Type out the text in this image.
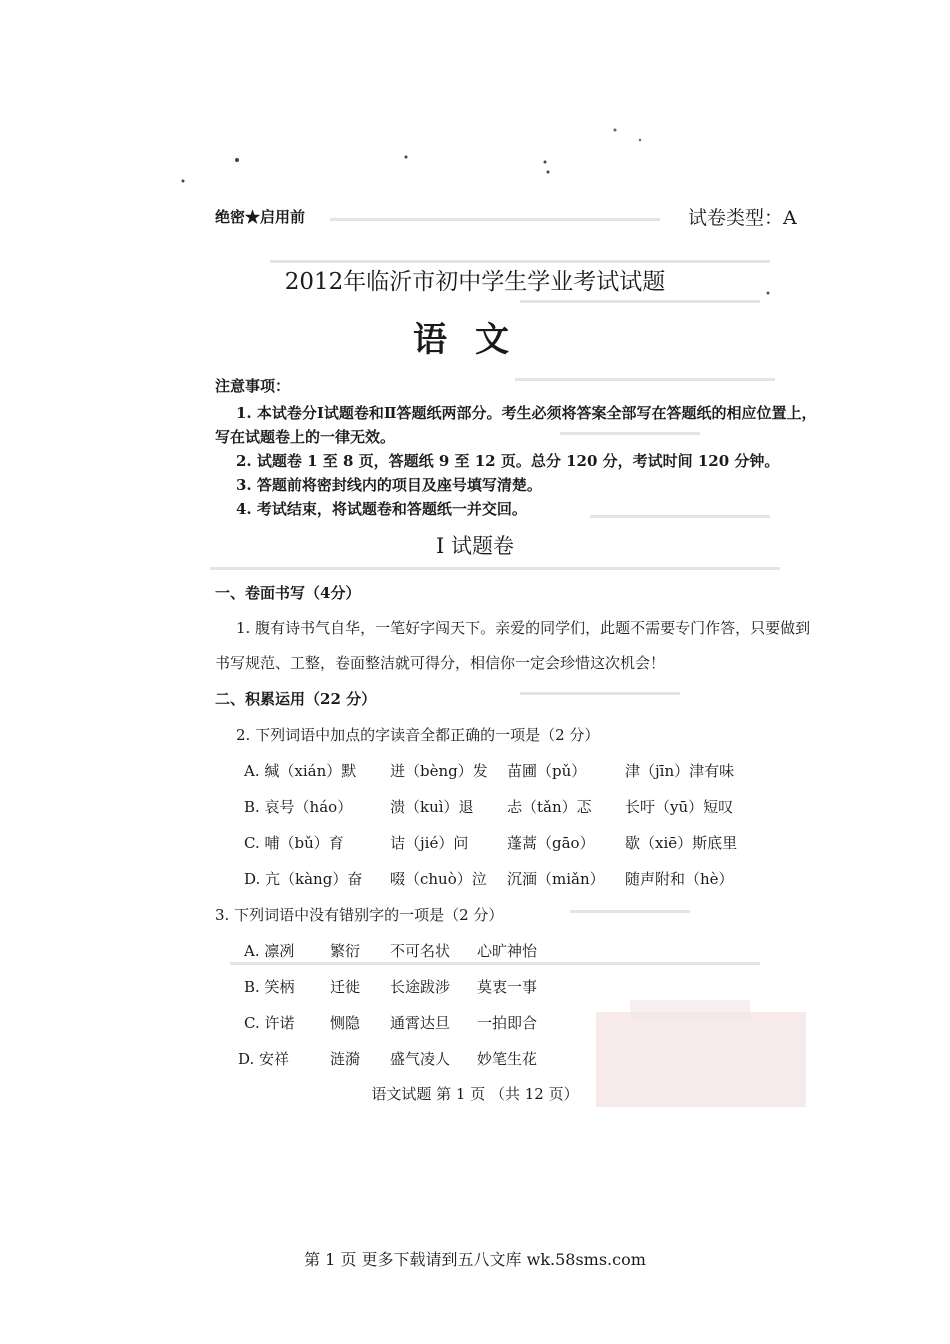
绝密★启用前	试卷类型：A
2012年临沂市初中学生学业考试试题
语文
注意事项：
1. 本试卷分Ⅰ试题卷和Ⅱ答题纸两部分。考生必须将答案全部写在答题纸的相应位置上，
写在试题卷上的一律无效。
2. 试题卷 1 至 8 页，答题纸 9 至 12 页。总分 120 分，考试时间 120 分钟。
3. 答题前将密封线内的项目及座号填写清楚。
4. 考试结束，将试题卷和答题纸一并交回。
Ⅰ 试题卷
一、卷面书写（4分）
1. 腹有诗书气自华，一笔好字闯天下。亲爱的同学们，此题不需要专门作答，只要做到
书写规范、工整，卷面整洁就可得分，相信你一定会珍惜这次机会！
二、积累运用（22 分）
2. 下列词语中加点的字读音全都正确的一项是（2 分）
A. 缄（xián）默 迸（bèng）发 苗圃（pǔ）	津（jīn）津有味
B. 哀号（háo）	溃（kuì）退 忐（tǎn）忑 长吁（yū）短叹
C. 哺（bǔ）育	诘（jié）问	蓬蒿（gāo） 歇（xiē）斯底里
D. 亢（kàng）奋 啜（chuò）泣 沉湎（miǎn） 随声附和（hè）
3. 下列词语中没有错别字的一项是（2 分）
A. 凛冽 繁衍 不可名状 心旷神怡
B. 笑柄 迁徙 长途跋涉 莫衷一事
C. 许诺 恻隐 通霄达旦 一拍即合
D. 安祥	涟漪 盛气凌人 妙笔生花
语文试题 第 1 页 （共 12 页）
第 1 页 更多下载请到五八文库 wk.58sms.com
